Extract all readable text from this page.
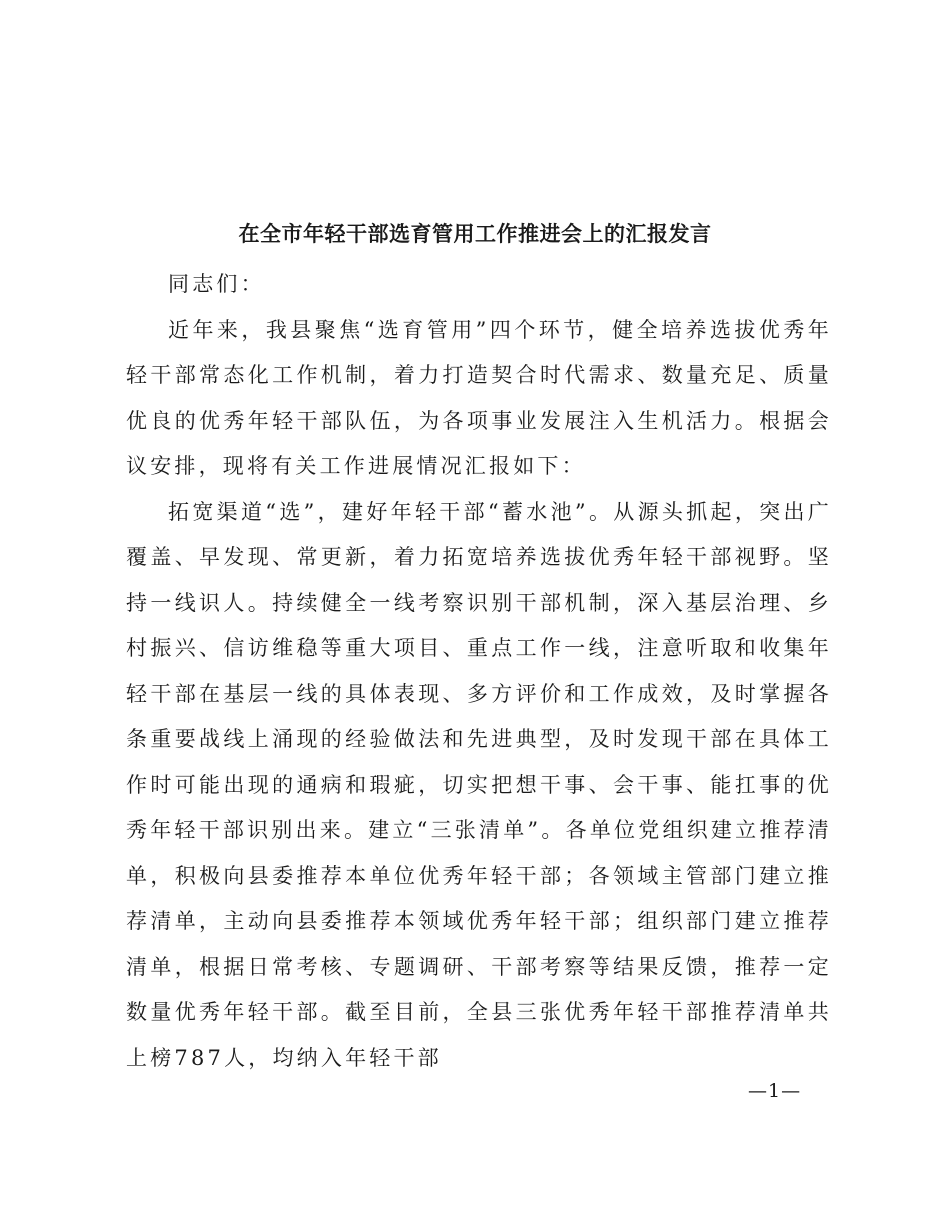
在全市年轻干部选育管用工作推进会上的汇报发言

同志们：

近年来，我县聚焦“选育管用”四个环节，健全培养选拔优秀年轻干部常态化工作机制，着力打造契合时代需求、数量充足、质量优良的优秀年轻干部队伍，为各项事业发展注入生机活力。根据会议安排，现将有关工作进展情况汇报如下：

拓宽渠道“选”，建好年轻干部“蓄水池”。从源头抓起，突出广覆盖、早发现、常更新，着力拓宽培养选拔优秀年轻干部视野。坚持一线识人。持续健全一线考察识别干部机制，深入基层治理、乡村振兴、信访维稳等重大项目、重点工作一线，注意听取和收集年轻干部在基层一线的具体表现、多方评价和工作成效，及时掌握各条重要战线上涌现的经验做法和先进典型，及时发现干部在具体工作时可能出现的通病和瑕疵，切实把想干事、会干事、能扛事的优秀年轻干部识别出来。建立“三张清单”。各单位党组织建立推荐清单，积极向县委推荐本单位优秀年轻干部；各领域主管部门建立推荐清单，主动向县委推荐本领域优秀年轻干部；组织部门建立推荐清单，根据日常考核、专题调研、干部考察等结果反馈，推荐一定数量优秀年轻干部。截至目前，全县三张优秀年轻干部推荐清单共上榜787人，均纳入年轻干部

—1—
